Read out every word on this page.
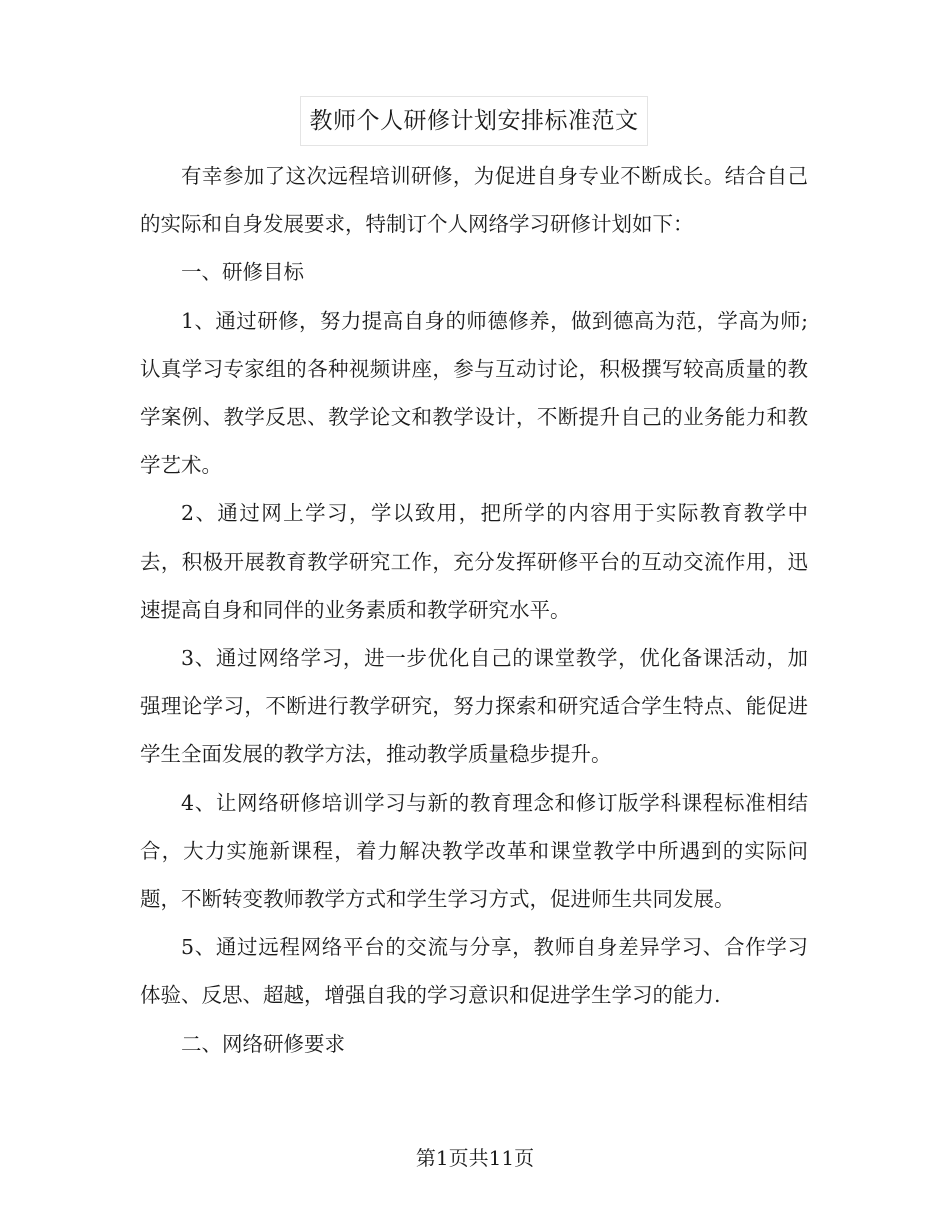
教师个人研修计划安排标准范文

有幸参加了这次远程培训研修，为促进自身专业不断成长。结合自己的实际和自身发展要求，特制订个人网络学习研修计划如下：

一、研修目标

1、通过研修，努力提高自身的师德修养，做到德高为范，学高为师;认真学习专家组的各种视频讲座，参与互动讨论，积极撰写较高质量的教学案例、教学反思、教学论文和教学设计，不断提升自己的业务能力和教学艺术。

2、通过网上学习，学以致用，把所学的内容用于实际教育教学中去，积极开展教育教学研究工作，充分发挥研修平台的互动交流作用，迅速提高自身和同伴的业务素质和教学研究水平。

3、通过网络学习，进一步优化自己的课堂教学，优化备课活动，加强理论学习，不断进行教学研究，努力探索和研究适合学生特点、能促进学生全面发展的教学方法，推动教学质量稳步提升。

4、让网络研修培训学习与新的教育理念和修订版学科课程标准相结合，大力实施新课程，着力解决教学改革和课堂教学中所遇到的实际问题，不断转变教师教学方式和学生学习方式，促进师生共同发展。

5、通过远程网络平台的交流与分享，教师自身差异学习、合作学习体验、反思、超越，增强自我的学习意识和促进学生学习的能力.

二、网络研修要求

第1页共11页
